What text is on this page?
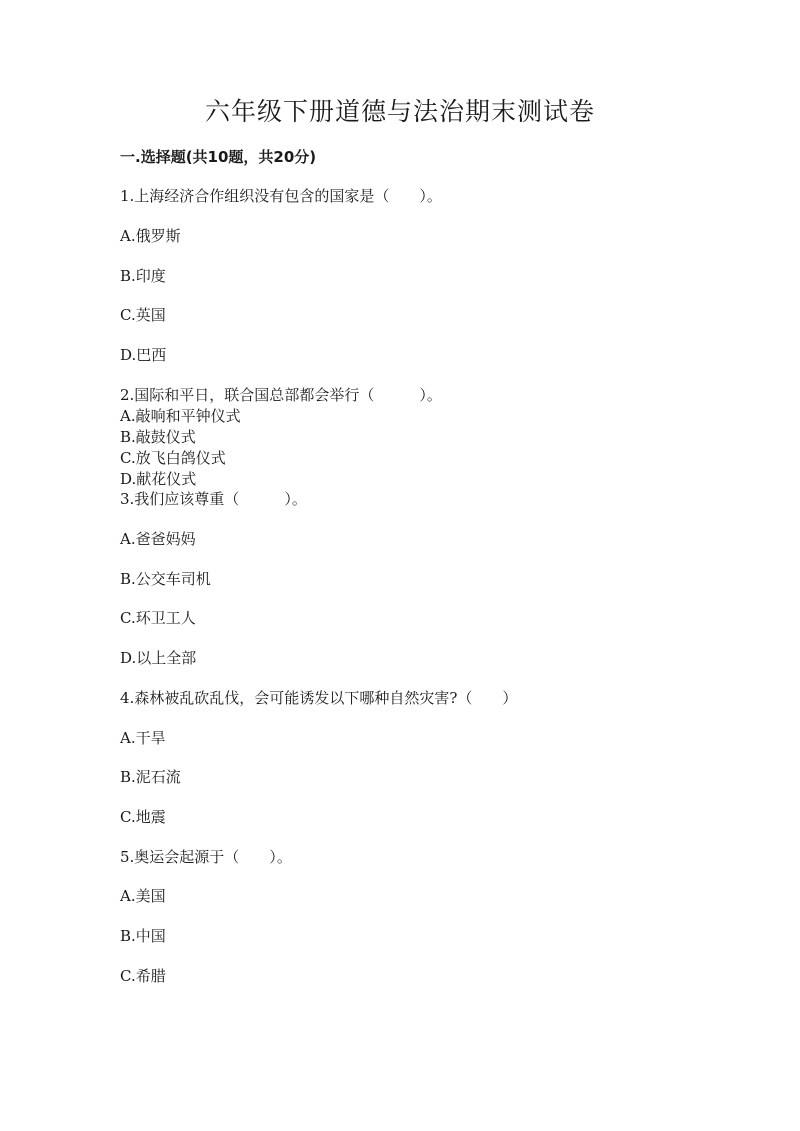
六年级下册道德与法治期末测试卷
一.选择题(共10题，共20分)
1.上海经济合作组织没有包含的国家是（　　）。
A.俄罗斯
B.印度
C.英国
D.巴西
2.国际和平日，联合国总部都会举行（　　　）。
A.敲响和平钟仪式
B.敲鼓仪式
C.放飞白鸽仪式
D.献花仪式
3.我们应该尊重（　　　）。
A.爸爸妈妈
B.公交车司机
C.环卫工人
D.以上全部
4.森林被乱砍乱伐，会可能诱发以下哪种自然灾害?（　　）
A.干旱
B.泥石流
C.地震
5.奥运会起源于（　　）。
A.美国
B.中国
C.希腊
